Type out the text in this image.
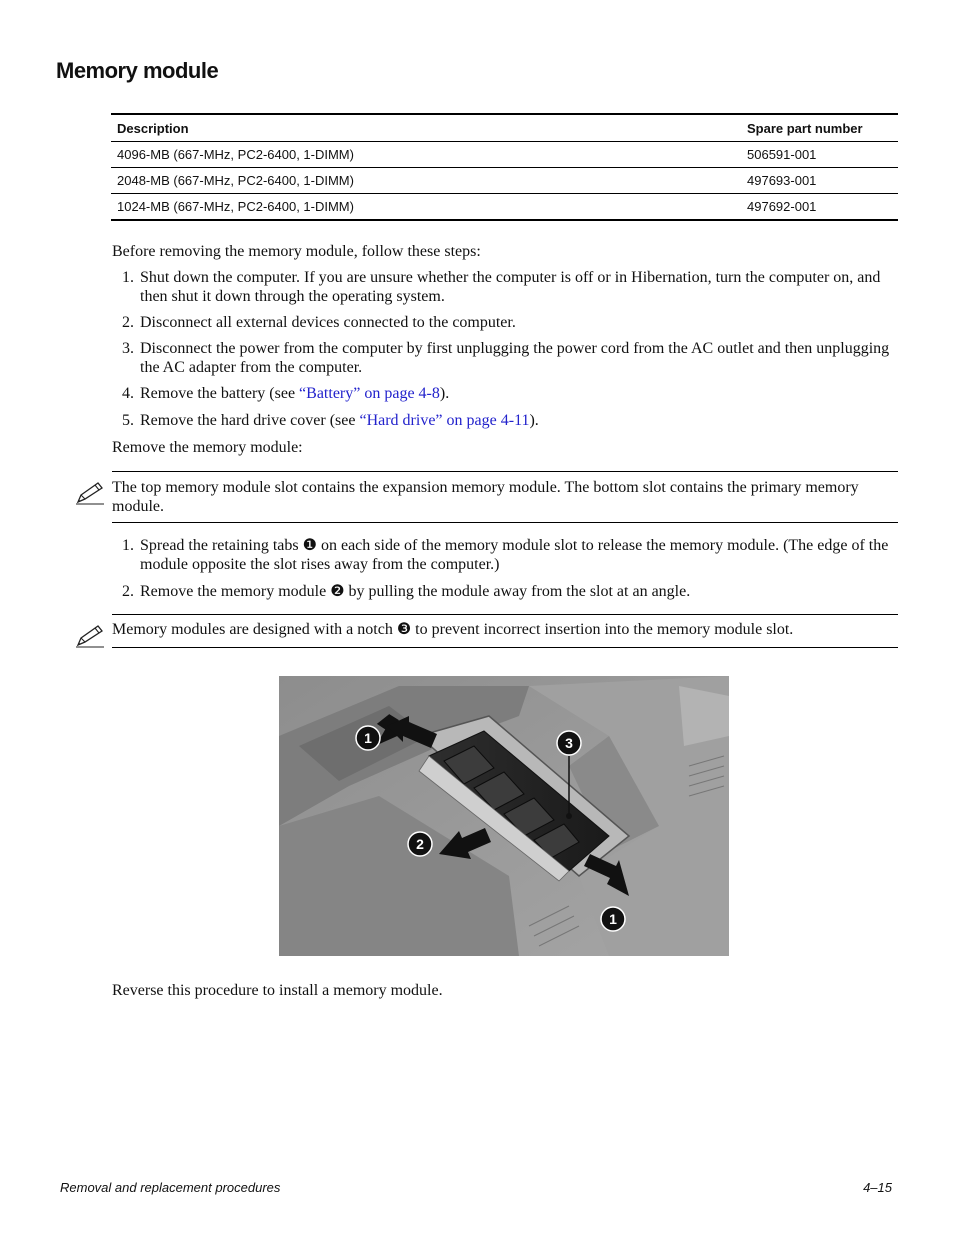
Memory module
Description	Spare part number
4096-MB (667-MHz, PC2-6400, 1-DIMM)	506591-001
2048-MB (667-MHz, PC2-6400, 1-DIMM)	497693-001
1024-MB (667-MHz, PC2-6400, 1-DIMM)	497692-001

Before removing the memory module, follow these steps:

1. Shut down the computer. If you are unsure whether the computer is off or in Hibernation, turn the computer on, and then shut it down through the operating system.
2. Disconnect all external devices connected to the computer.
3. Disconnect the power from the computer by first unplugging the power cord from the AC outlet and then unplugging the AC adapter from the computer.
4. Remove the battery (see “Battery” on page 4-8).
5. Remove the hard drive cover (see “Hard drive” on page 4-11).

Remove the memory module:

The top memory module slot contains the expansion memory module. The bottom slot contains the primary memory module.

1. Spread the retaining tabs ❶ on each side of the memory module slot to release the memory module. (The edge of the module opposite the slot rises away from the computer.)
2. Remove the memory module ❷ by pulling the module away from the slot at an angle.

Memory modules are designed with a notch ❸ to prevent incorrect insertion into the memory module slot.

1
2
3
1

Reverse this procedure to install a memory module.

Removal and replacement procedures	4–15
